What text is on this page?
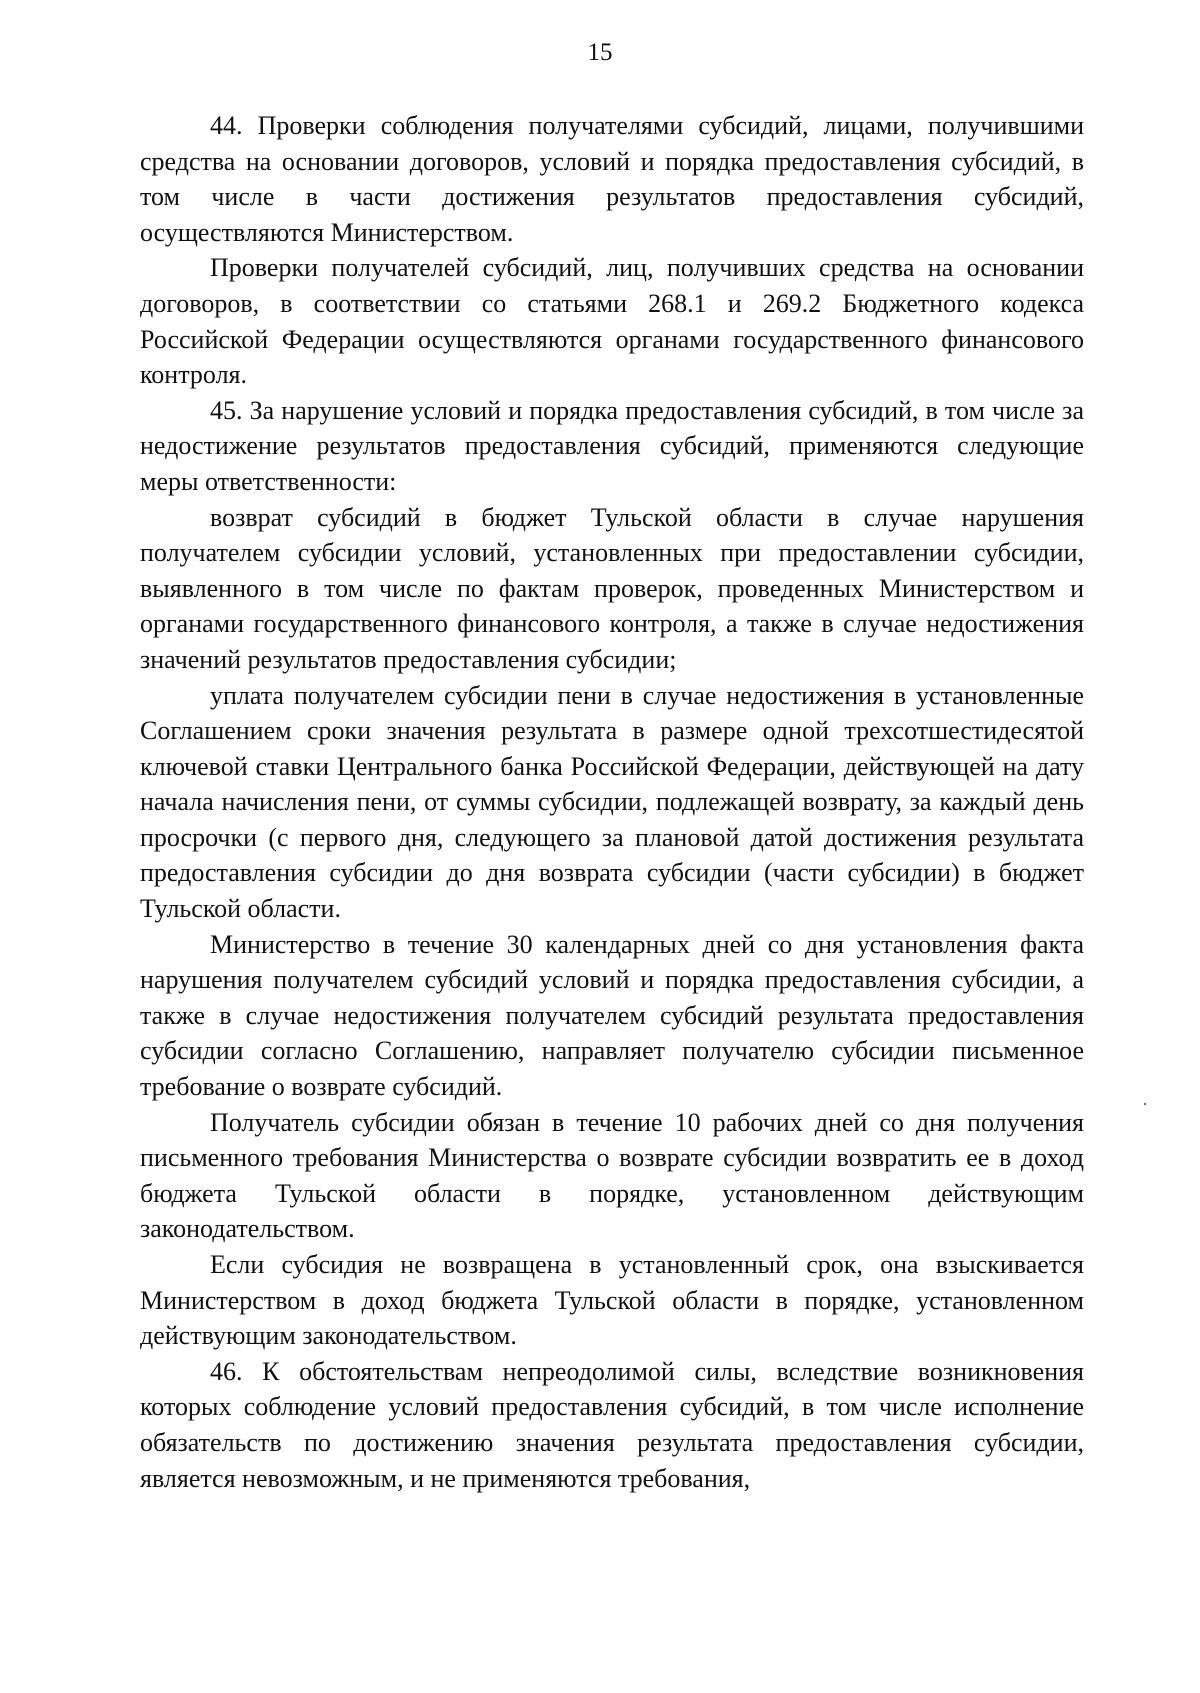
15

44. Проверки соблюдения получателями субсидий, лицами, получившими средства на основании договоров, условий и порядка предоставления субсидий, в том числе в части достижения результатов предоставления субсидий, осуществляются Министерством.

Проверки получателей субсидий, лиц, получивших средства на основании договоров, в соответствии со статьями 268.1 и 269.2 Бюджетного кодекса Российской Федерации осуществляются органами государственного финансового контроля.

45. За нарушение условий и порядка предоставления субсидий, в том числе за недостижение результатов предоставления субсидий, применяются следующие меры ответственности:

возврат субсидий в бюджет Тульской области в случае нарушения получателем субсидии условий, установленных при предоставлении субсидии, выявленного в том числе по фактам проверок, проведенных Министерством и органами государственного финансового контроля, а также в случае недостижения значений результатов предоставления субсидии;

уплата получателем субсидии пени в случае недостижения в установленные Соглашением сроки значения результата в размере одной трехсотшестидесятой ключевой ставки Центрального банка Российской Федерации, действующей на дату начала начисления пени, от суммы субсидии, подлежащей возврату, за каждый день просрочки (с первого дня, следующего за плановой датой достижения результата предоставления субсидии до дня возврата субсидии (части субсидии) в бюджет Тульской области.

Министерство в течение 30 календарных дней со дня установления факта нарушения получателем субсидий условий и порядка предоставления субсидии, а также в случае недостижения получателем субсидий результата предоставления субсидии согласно Соглашению, направляет получателю субсидии письменное требование о возврате субсидий.

Получатель субсидии обязан в течение 10 рабочих дней со дня получения письменного требования Министерства о возврате субсидии возвратить ее в доход бюджета Тульской области в порядке, установленном действующим законодательством.

Если субсидия не возвращена в установленный срок, она взыскивается Министерством в доход бюджета Тульской области в порядке, установленном действующим законодательством.

46. К обстоятельствам непреодолимой силы, вследствие возникновения которых соблюдение условий предоставления субсидий, в том числе исполнение обязательств по достижению значения результата предоставления субсидии, является невозможным, и не применяются требования,
